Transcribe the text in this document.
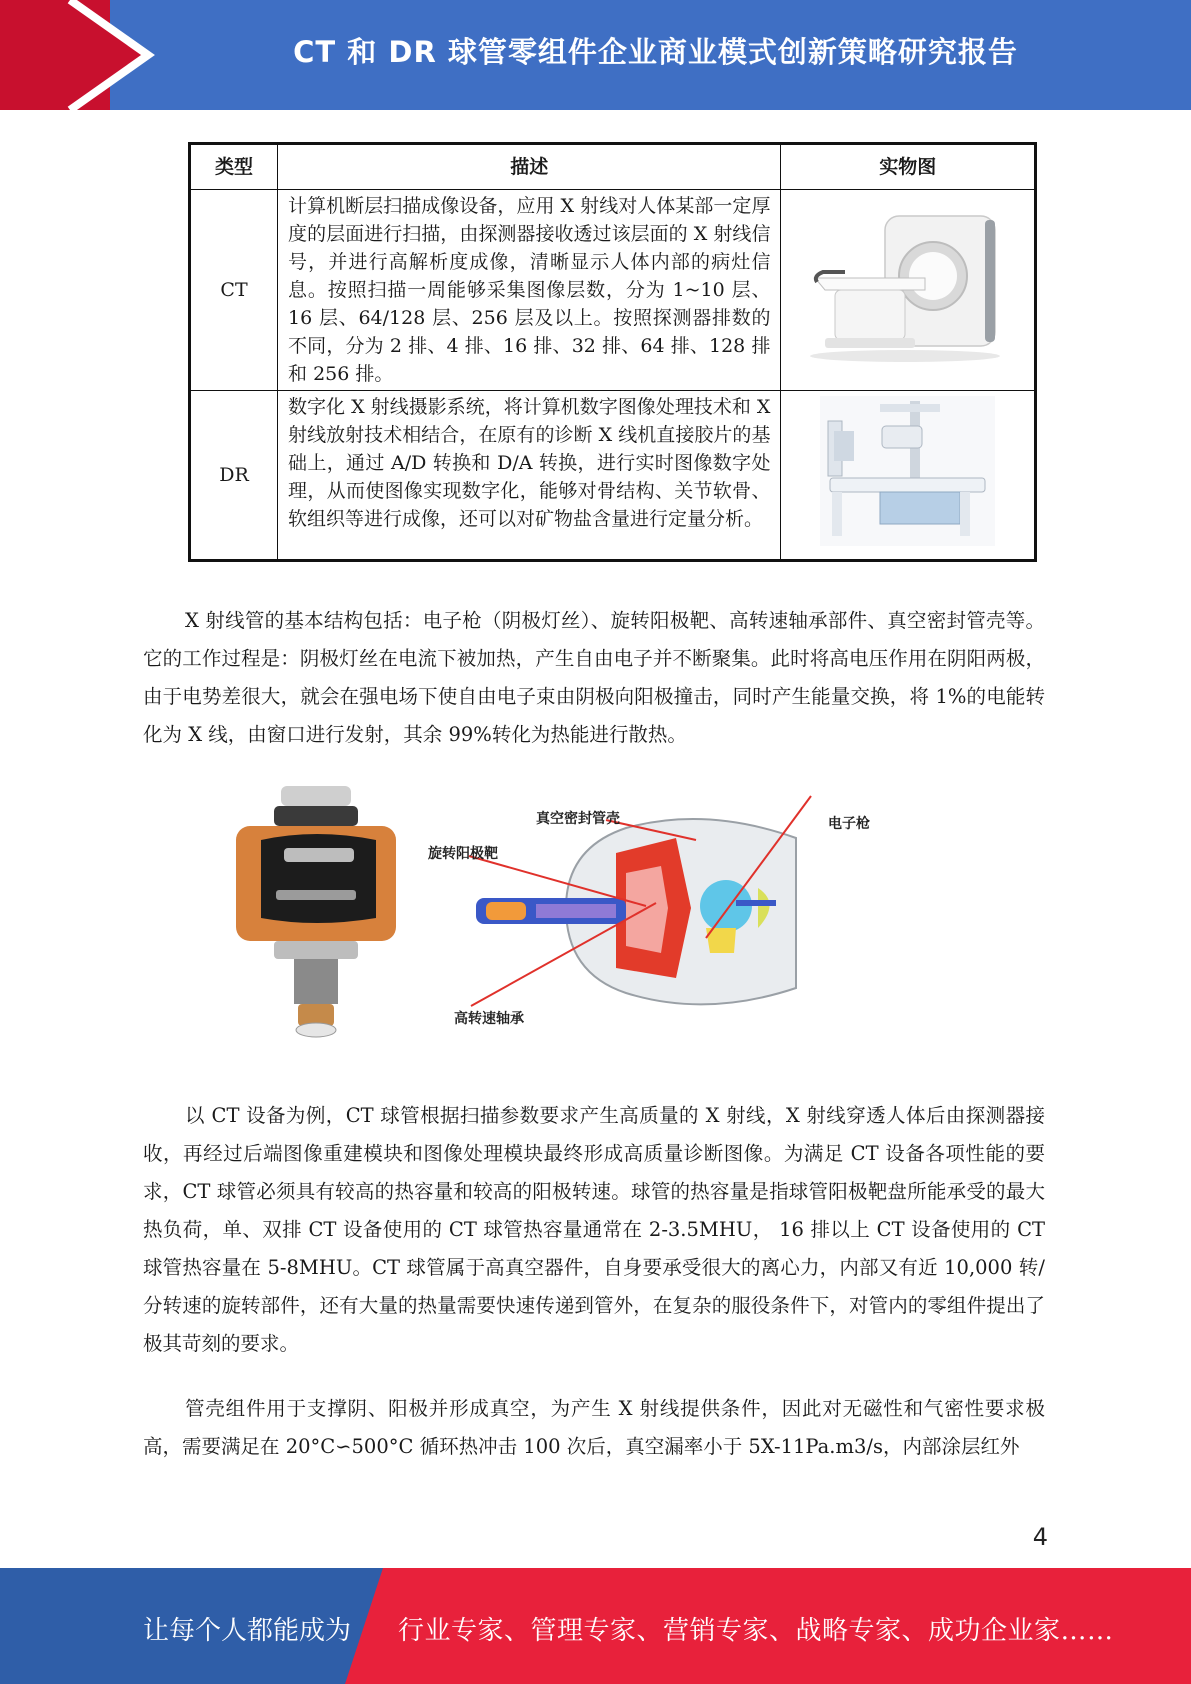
CT 和 DR 球管零组件企业商业模式创新策略研究报告
类型	描述	实物图
CT	计算机断层扫描成像设备，应用 X 射线对人体某部一定厚度的层面进行扫描，由探测器接收透过该层面的 X 射线信号，并进行高解析度成像，清晰显示人体内部的病灶信息。按照扫描一周能够采集图像层数，分为 1~10 层、16 层、64/128 层、256 层及以上。按照探测器排数的不同，分为 2 排、4 排、16 排、32 排、64 排、128 排和 256 排。	
DR	数字化 X 射线摄影系统，将计算机数字图像处理技术和 X 射线放射技术相结合，在原有的诊断 X 线机直接胶片的基础上，通过 A/D 转换和 D/A 转换，进行实时图像数字处理，从而使图像实现数字化，能够对骨结构、关节软骨、软组织等进行成像，还可以对矿物盐含量进行定量分析。	

X 射线管的基本结构包括：电子枪（阴极灯丝）、旋转阳极靶、高转速轴承部件、真空密封管壳等。它的工作过程是：阴极灯丝在电流下被加热，产生自由电子并不断聚集。此时将高电压作用在阴阳两极，由于电势差很大，就会在强电场下使自由电子束由阴极向阳极撞击，同时产生能量交换，将 1%的电能转化为 X 线，由窗口进行发射，其余 99%转化为热能进行散热。

真空密封管壳
旋转阳极靶
电子枪
高转速轴承

以 CT 设备为例，CT 球管根据扫描参数要求产生高质量的 X 射线，X 射线穿透人体后由探测器接收，再经过后端图像重建模块和图像处理模块最终形成高质量诊断图像。为满足 CT 设备各项性能的要求，CT 球管必须具有较高的热容量和较高的阳极转速。球管的热容量是指球管阳极靶盘所能承受的最大热负荷，单、双排 CT 设备使用的 CT 球管热容量通常在 2-3.5MHU， 16 排以上 CT 设备使用的 CT 球管热容量在 5-8MHU。CT 球管属于高真空器件，自身要承受很大的离心力，内部又有近 10,000 转/分转速的旋转部件，还有大量的热量需要快速传递到管外，在复杂的服役条件下，对管内的零组件提出了极其苛刻的要求。

管壳组件用于支撑阴、阳极并形成真空，为产生 X 射线提供条件，因此对无磁性和气密性要求极高，需要满足在 20°C∽500°C 循环热冲击 100 次后，真空漏率小于 5X-11Pa.m3/s，内部涂层红外

4
让每个人都能成为 行业专家、管理专家、营销专家、战略专家、成功企业家……
